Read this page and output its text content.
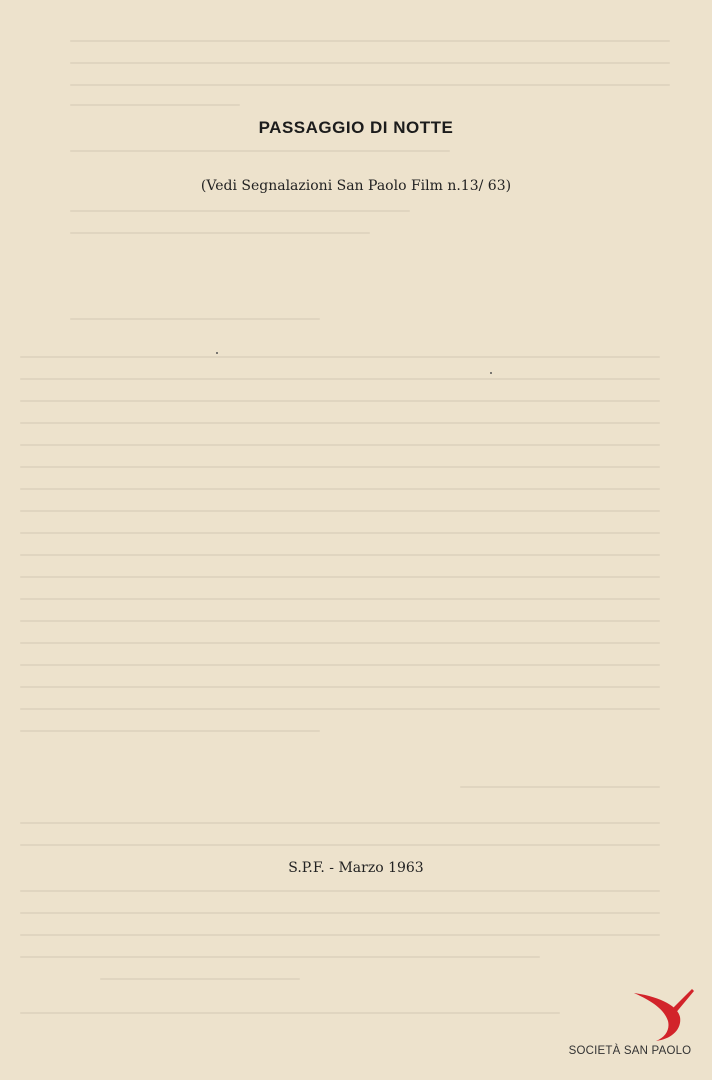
PASSAGGIO DI NOTTE
(Vedi Segnalazioni San Paolo Film n.13/ 63)
S.P.F. - Marzo 1963
SOCIETÀ SAN PAOLO
